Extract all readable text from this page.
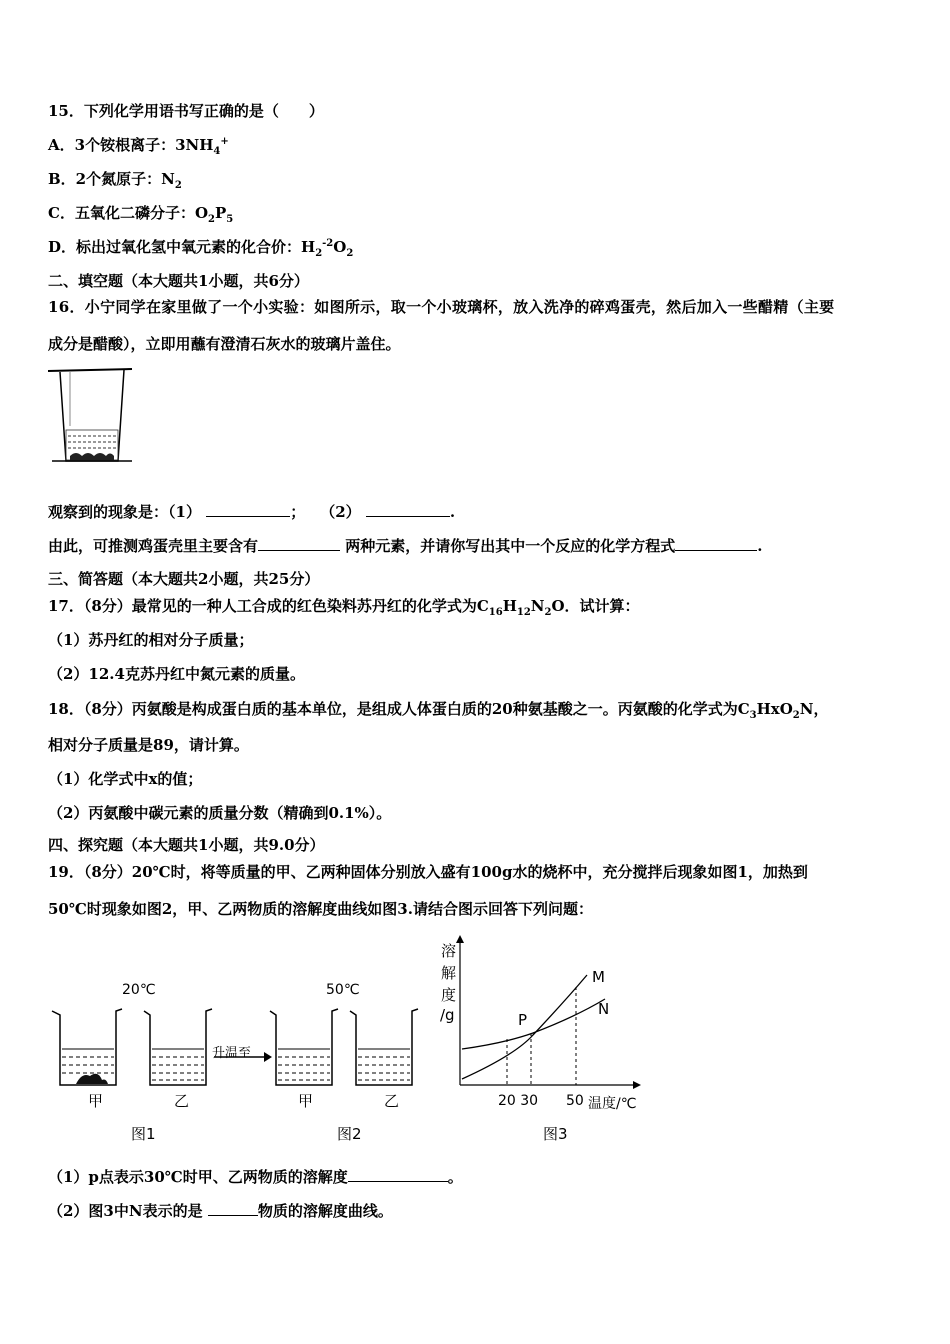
15．下列化学用语书写正确的是（　　）
A．3个铵根离子：$3NH_4^+$
B．2个氮原子：$N_2$
C．五氧化二磷分子：$O_2P_5$
D．标出过氧化氢中氧元素的化合价：$H_2^{-2}O_2$
二、填空题（本大题共1小题，共6分）
16．小宁同学在家里做了一个小实验：如图所示，取一个小玻璃杯，放入洗净的碎鸡蛋壳，然后加入一些醋精（主要
成分是醋酸），立即用蘸有澄清石灰水的玻璃片盖住。
观察到的现象是：（1）	；　　（2）	.
由此，可推测鸡蛋壳里主要含有	两种元素，并请你写出其中一个反应的化学方程式	.
三、简答题（本大题共2小题，共25分）
17．（8分）最常见的一种人工合成的红色染料苏丹红的化学式为$C_{16}H_{12}N_2O$．试计算：
（1）苏丹红的相对分子质量；
（2）12.4克苏丹红中氮元素的质量。
18．（8分）丙氨酸是构成蛋白质的基本单位，是组成人体蛋白质的20种氨基酸之一。丙氨酸的化学式为$C_3HxO_2N$，
相对分子质量是89，请计算。
（1）化学式中x的值；
（2）丙氨酸中碳元素的质量分数（精确到0.1%）。
四、探究题（本大题共1小题，共9.0分）
19．（8分）20℃时，将等质量的甲、乙两种固体分别放入盛有100g水的烧杯中，充分搅拌后现象如图1，加热到
50℃时现象如图2，甲、乙两物质的溶解度曲线如图3.请结合图示回答下列问题：
20℃	50℃
升温至
甲	乙	甲	乙
图1	图2	图3
溶
解
度
/g
M
N
P
20 30 50 温度/℃
（1）p点表示30℃时甲、乙两物质的溶解度	。
（2）图3中N表示的是	物质的溶解度曲线。
